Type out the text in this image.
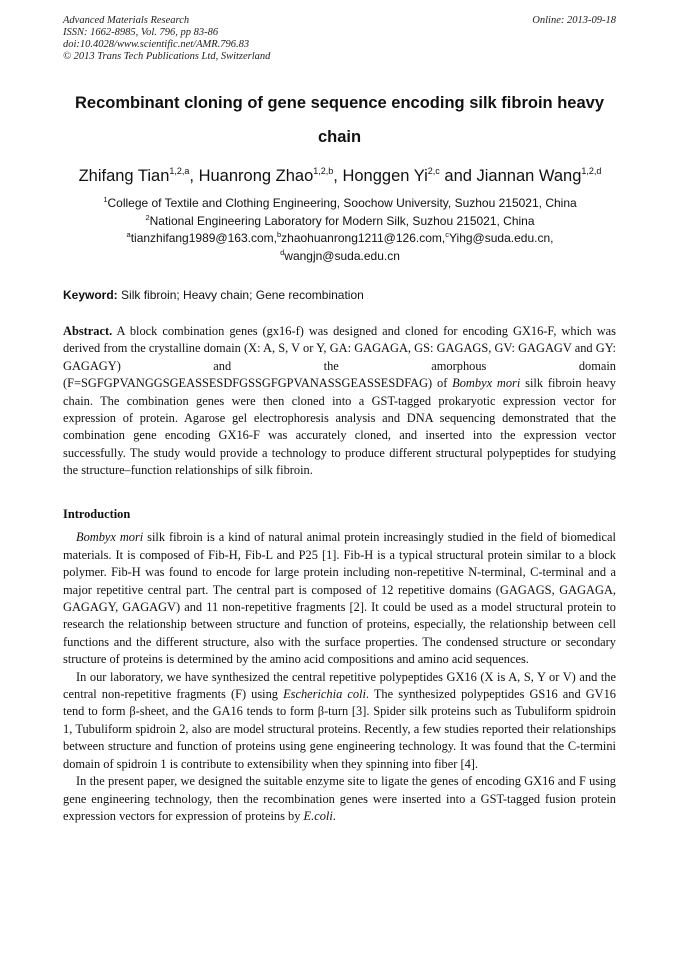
Advanced Materials Research
ISSN: 1662-8985, Vol. 796, pp 83-86
doi:10.4028/www.scientific.net/AMR.796.83
© 2013 Trans Tech Publications Ltd, Switzerland
Online: 2013-09-18
Recombinant cloning of gene sequence encoding silk fibroin heavy chain
Zhifang Tian$^{1,2,a}$, Huanrong Zhao$^{1,2,b}$, Honggen Yi$^{2,c}$ and Jiannan Wang$^{1,2,d}$
$^1$College of Textile and Clothing Engineering, Soochow University, Suzhou 215021, China
$^2$National Engineering Laboratory for Modern Silk, Suzhou 215021, China
$^a$tianzhifang1989@163.com,$^b$zhaohuanrong1211@126.com,$^c$Yihg@suda.edu.cn,
$^d$wangjn@suda.edu.cn
Keyword: Silk fibroin; Heavy chain; Gene recombination
Abstract. A block combination genes (gx16-f) was designed and cloned for encoding GX16-F, which was derived from the crystalline domain (X: A, S, V or Y, GA: GAGAGA, GS: GAGAGS, GV: GAGAGV and GY: GAGAGY) and the amorphous domain (F=SGFGPVANGGSGEASSESDFGSSGFGPVANASSGEASSESDFAG) of Bombyx mori silk fibroin heavy chain. The combination genes were then cloned into a GST-tagged prokaryotic expression vector for expression of protein. Agarose gel electrophoresis analysis and DNA sequencing demonstrated that the combination gene encoding GX16-F was accurately cloned, and inserted into the expression vector successfully. The study would provide a technology to produce different structural polypeptides for studying the structure–function relationships of silk fibroin.
Introduction

Bombyx mori silk fibroin is a kind of natural animal protein increasingly studied in the field of biomedical materials. It is composed of Fib-H, Fib-L and P25 [1]. Fib-H is a typical structural protein similar to a block polymer. Fib-H was found to encode for large protein including non-repetitive N-terminal, C-terminal and a major repetitive central part. The central part is composed of 12 repetitive domains (GAGAGS, GAGAGA, GAGAGY, GAGAGV) and 11 non-repetitive fragments [2]. It could be used as a model structural protein to research the relationship between structure and function of proteins, especially, the relationship between cell functions and the different structure, also with the surface properties. The condensed structure or secondary structure of proteins is determined by the amino acid compositions and amino acid sequences.

In our laboratory, we have synthesized the central repetitive polypeptides GX16 (X is A, S, Y or V) and the central non-repetitive fragments (F) using Escherichia coli. The synthesized polypeptides GS16 and GV16 tend to form β-sheet, and the GA16 tends to form β-turn [3]. Spider silk proteins such as Tubuliform spidroin 1, Tubuliform spidroin 2, also are model structural proteins. Recently, a few studies reported their relationships between structure and function of proteins using gene engineering technology. It was found that the C-termini domain of spidroin 1 is contribute to extensibility when they spinning into fiber [4].

In the present paper, we designed the suitable enzyme site to ligate the genes of encoding GX16 and F using gene engineering technology, then the recombination genes were inserted into a GST-tagged fusion protein expression vectors for expression of proteins by E.coli.
